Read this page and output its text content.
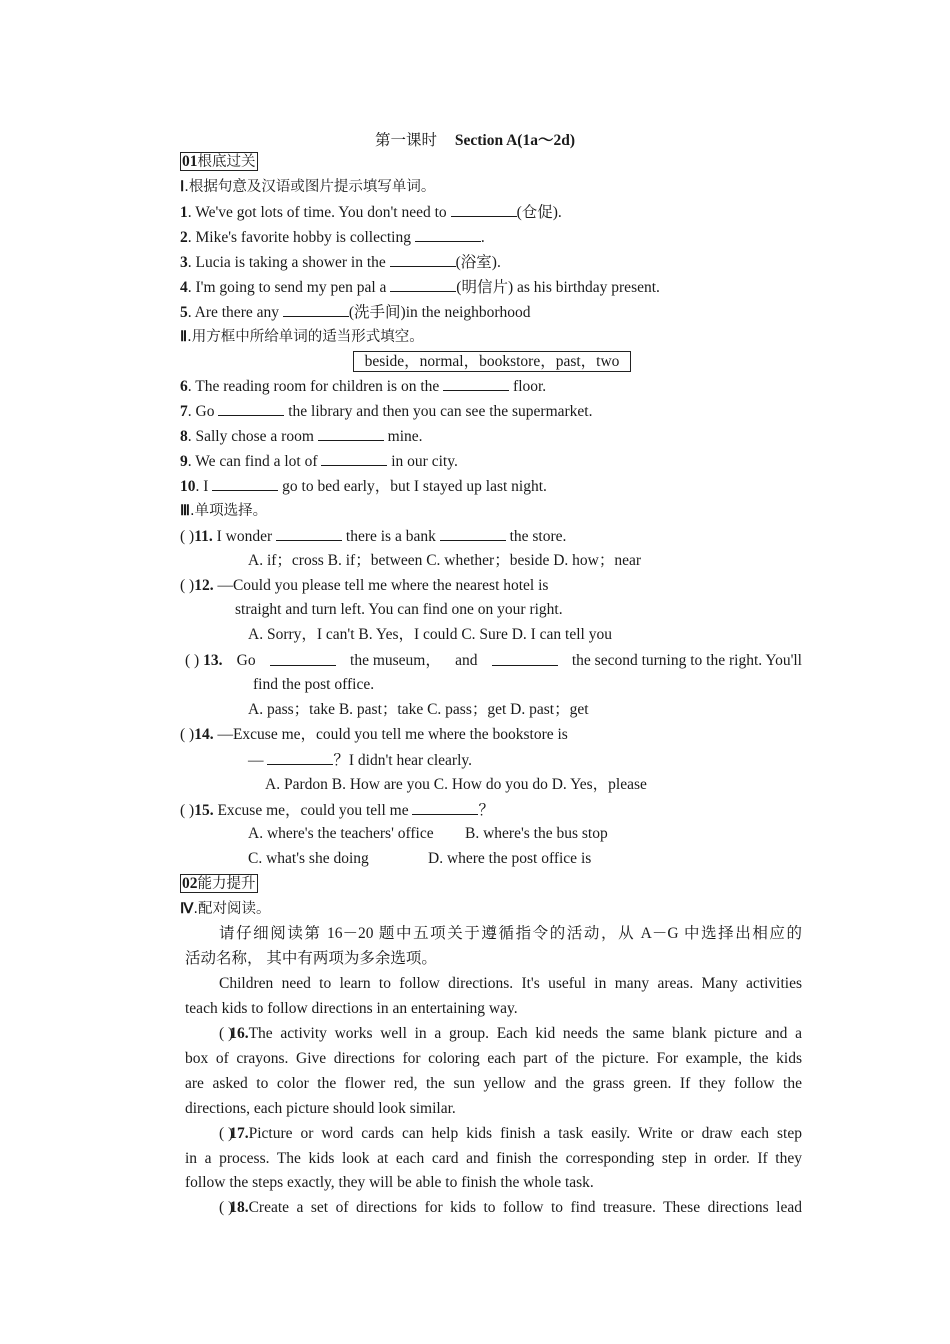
第一课时 Section A(1a～2d)
01根底过关
Ⅰ.根据句意及汉语或图片提示填写单词。
1. We've got lots of time. You don't need to	(仓促).
2. Mike's favorite hobby is collecting	.
3. Lucia is taking a shower in the	(浴室).
4. I'm going to send my pen pal a	(明信片) as his birthday present.
5. Are there any	(洗手间)in the neighborhood
Ⅱ.用方框中所给单词的适当形式填空。
beside，normal，bookstore，past，two
6. The reading room for children is on the	floor.
7. Go	the library and then you can see the supermarket.
8. Sally chose a room	mine.
9. We can find a lot of	in our city.
10. I	go to bed early，but I stayed up last night.
Ⅲ.单项选择。
( )11. I wonder	there is a bank	the store.
A. if；cross B. if；between C. whether；beside D. how；near
( )12. —Could you please tell me where the nearest hotel is
straight and turn left. You can find one on your right.
A. Sorry，I can't B. Yes，I could C. Sure D. I can tell you
( ) 13. Go	the museum， and	the second turning to the right. You'll
find the post office.
A. pass；take B. past；take C. pass；get D. past；get
( )14. —Excuse me，could you tell me where the bookstore is
—	？I didn't hear clearly.
A. Pardon B. How are you C. How do you do D. Yes，please
( )15. Excuse me，could you tell me	？
A. where's the teachers' office B. where's the bus stop
C. what's she doing	D. where the post office is
02能力提升
Ⅳ.配对阅读。
请仔细阅读第 16－20 题中五项关于遵循指令的活动，从 A－G 中选择出相应的
活动名称， 其中有两项为多余选项。
Children need to learn to follow directions. It's useful in many areas. Many activities
teach kids to follow directions in an entertaining way.
( )
16. The activity works well in a group. Each kid needs the same blank picture and a
box of crayons. Give directions for coloring each part of the picture. For example, the kids
are asked to color the flower red, the sun yellow and the grass green. If they follow the
directions, each picture should look similar.
( )
17. Picture or word cards can help kids finish a task easily. Write or draw each step
in a process. The kids look at each card and finish the corresponding step in order. If they
follow the steps exactly, they will be able to finish the whole task.
( )
18. Create a set of directions for kids to follow to find treasure. These directions lead
